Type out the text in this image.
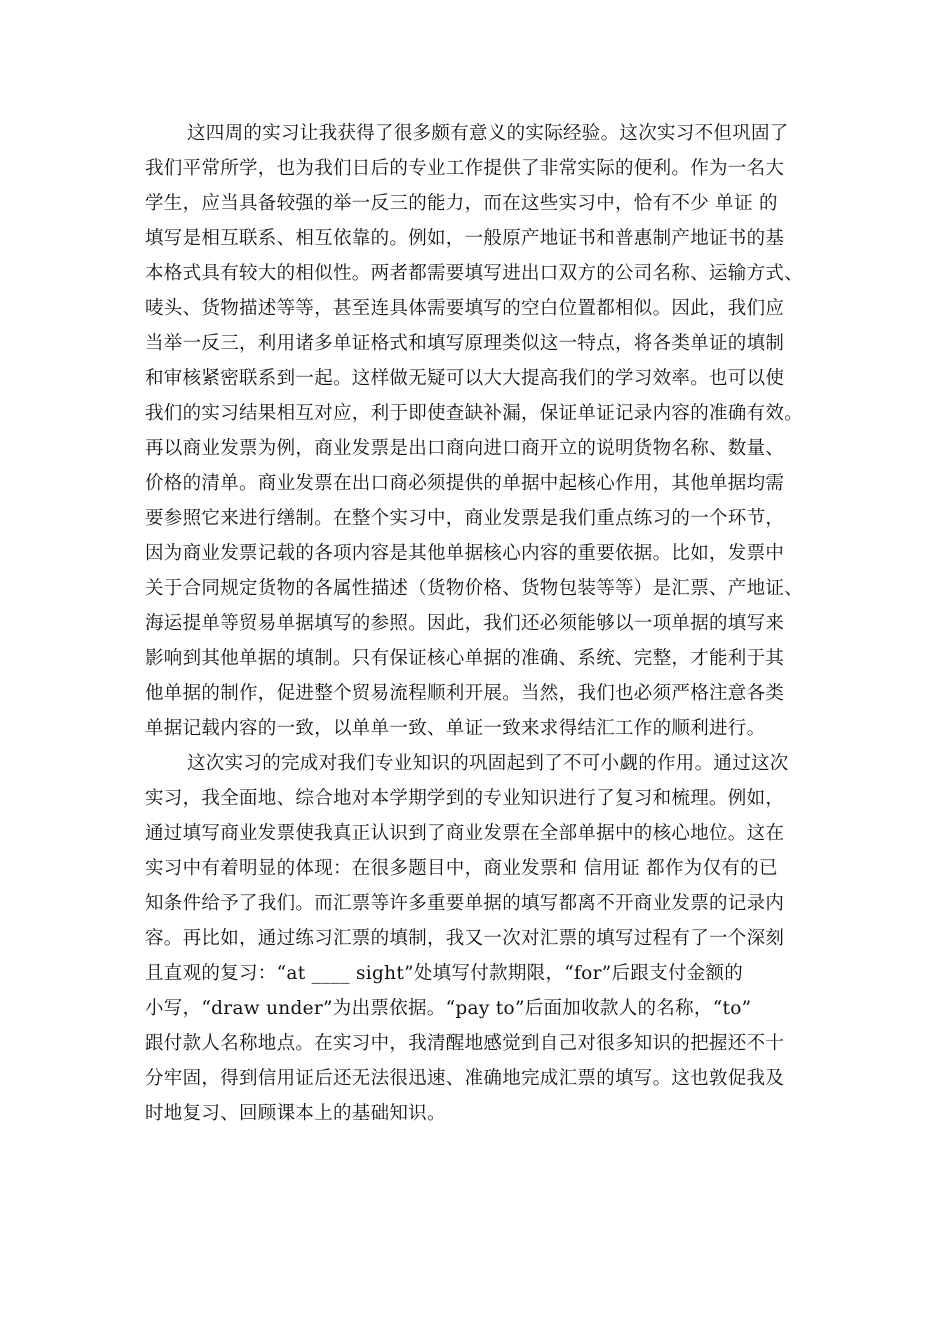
这四周的实习让我获得了很多颇有意义的实际经验。这次实习不但巩固了
我们平常所学，也为我们日后的专业工作提供了非常实际的便利。作为一名大
学生，应当具备较强的举一反三的能力，而在这些实习中，恰有不少 单证 的
填写是相互联系、相互依靠的。例如，一般原产地证书和普惠制产地证书的基
本格式具有较大的相似性。两者都需要填写进出口双方的公司名称、运输方式、
唛头、货物描述等等，甚至连具体需要填写的空白位置都相似。因此，我们应
当举一反三，利用诸多单证格式和填写原理类似这一特点，将各类单证的填制
和审核紧密联系到一起。这样做无疑可以大大提高我们的学习效率。也可以使
我们的实习结果相互对应，利于即使查缺补漏，保证单证记录内容的准确有效。
再以商业发票为例，商业发票是出口商向进口商开立的说明货物名称、数量、
价格的清单。商业发票在出口商必须提供的单据中起核心作用，其他单据均需
要参照它来进行缮制。在整个实习中，商业发票是我们重点练习的一个环节，
因为商业发票记载的各项内容是其他单据核心内容的重要依据。比如，发票中
关于合同规定货物的各属性描述（货物价格、货物包装等等）是汇票、产地证、
海运提单等贸易单据填写的参照。因此，我们还必须能够以一项单据的填写来
影响到其他单据的填制。只有保证核心单据的准确、系统、完整，才能利于其
他单据的制作，促进整个贸易流程顺利开展。当然，我们也必须严格注意各类
单据记载内容的一致，以单单一致、单证一致来求得结汇工作的顺利进行。
这次实习的完成对我们专业知识的巩固起到了不可小觑的作用。通过这次
实习，我全面地、综合地对本学期学到的专业知识进行了复习和梳理。例如，
通过填写商业发票使我真正认识到了商业发票在全部单据中的核心地位。这在
实习中有着明显的体现：在很多题目中，商业发票和 信用证 都作为仅有的已
知条件给予了我们。而汇票等许多重要单据的填写都离不开商业发票的记录内
容。再比如，通过练习汇票的填制，我又一次对汇票的填写过程有了一个深刻
且直观的复习：“at ____ sight”处填写付款期限，“for”后跟支付金额的
小写，“draw under”为出票依据。“pay to”后面加收款人的名称，“to”
跟付款人名称地点。在实习中，我清醒地感觉到自己对很多知识的把握还不十
分牢固，得到信用证后还无法很迅速、准确地完成汇票的填写。这也敦促我及
时地复习、回顾课本上的基础知识。
